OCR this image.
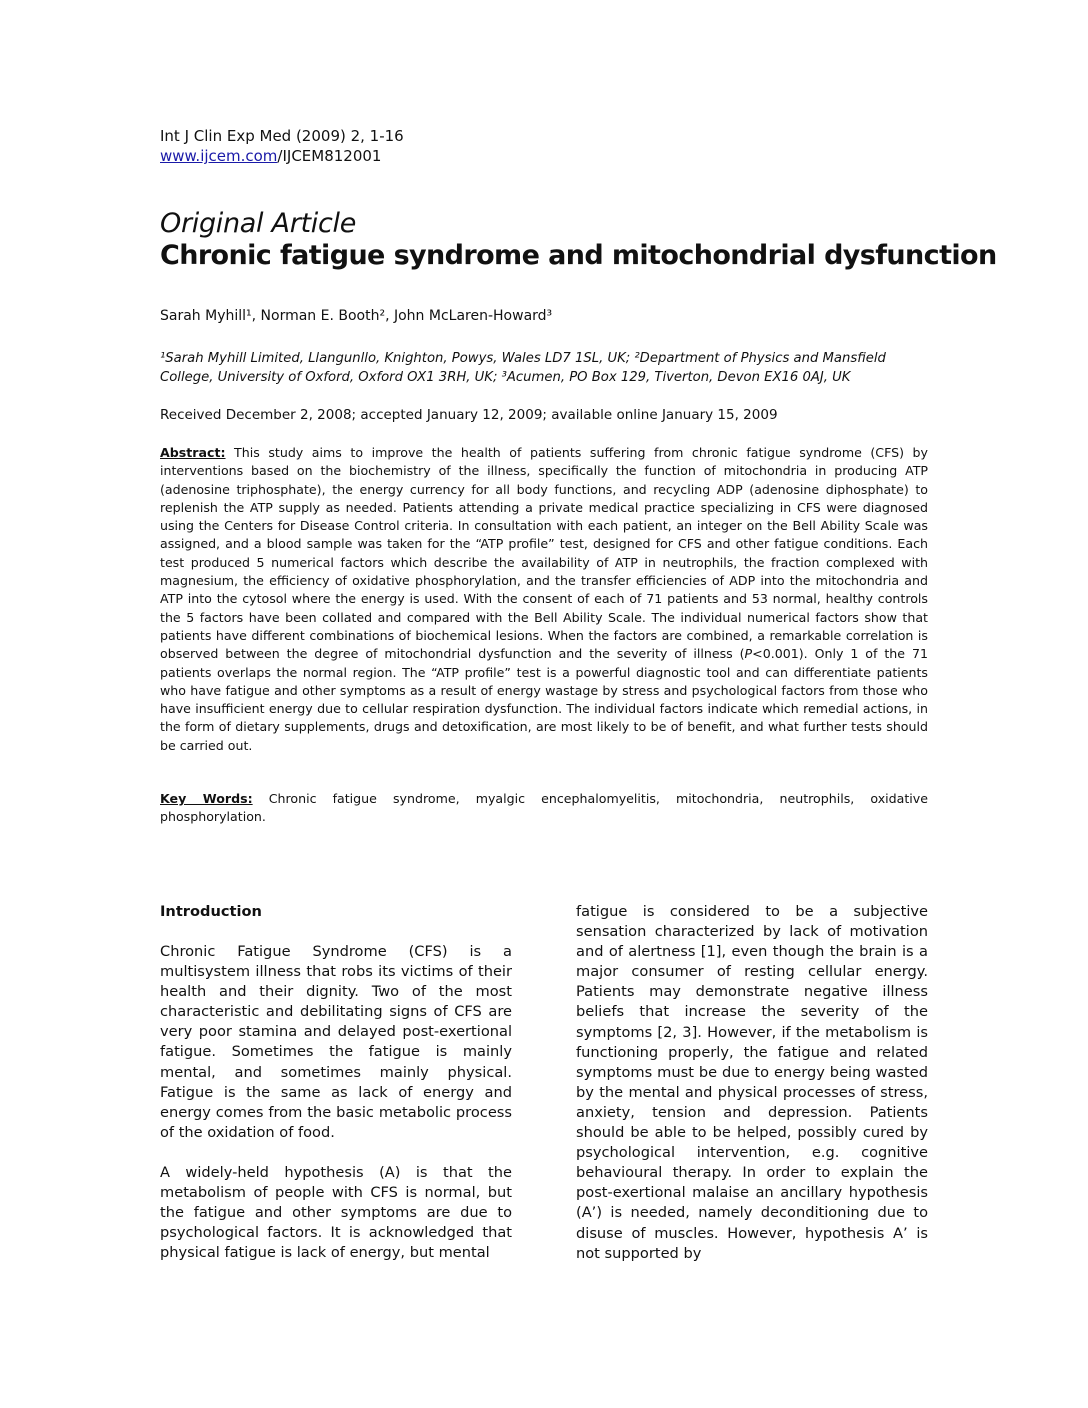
Int J Clin Exp Med (2009) 2, 1-16
www.ijcem.com/IJCEM812001
Original Article
Chronic fatigue syndrome and mitochondrial dysfunction
Sarah Myhill¹, Norman E. Booth², John McLaren-Howard³
¹Sarah Myhill Limited, Llangunllo, Knighton, Powys, Wales LD7 1SL, UK; ²Department of Physics and Mansfield College, University of Oxford, Oxford OX1 3RH, UK; ³Acumen, PO Box 129, Tiverton, Devon EX16 0AJ, UK
Received December 2, 2008; accepted January 12, 2009; available online January 15, 2009

Abstract: This study aims to improve the health of patients suffering from chronic fatigue syndrome (CFS) by interventions based on the biochemistry of the illness, specifically the function of mitochondria in producing ATP (adenosine triphosphate), the energy currency for all body functions, and recycling ADP (adenosine diphosphate) to replenish the ATP supply as needed. Patients attending a private medical practice specializing in CFS were diagnosed using the Centers for Disease Control criteria. In consultation with each patient, an integer on the Bell Ability Scale was assigned, and a blood sample was taken for the “ATP profile” test, designed for CFS and other fatigue conditions. Each test produced 5 numerical factors which describe the availability of ATP in neutrophils, the fraction complexed with magnesium, the efficiency of oxidative phosphorylation, and the transfer efficiencies of ADP into the mitochondria and ATP into the cytosol where the energy is used. With the consent of each of 71 patients and 53 normal, healthy controls the 5 factors have been collated and compared with the Bell Ability Scale. The individual numerical factors show that patients have different combinations of biochemical lesions. When the factors are combined, a remarkable correlation is observed between the degree of mitochondrial dysfunction and the severity of illness (P<0.001). Only 1 of the 71 patients overlaps the normal region. The “ATP profile” test is a powerful diagnostic tool and can differentiate patients who have fatigue and other symptoms as a result of energy wastage by stress and psychological factors from those who have insufficient energy due to cellular respiration dysfunction. The individual factors indicate which remedial actions, in the form of dietary supplements, drugs and detoxification, are most likely to be of benefit, and what further tests should be carried out.

Key Words: Chronic fatigue syndrome, myalgic encephalomyelitis, mitochondria, neutrophils, oxidative phosphorylation.

Introduction

Chronic Fatigue Syndrome (CFS) is a multisystem illness that robs its victims of their health and their dignity. Two of the most characteristic and debilitating signs of CFS are very poor stamina and delayed post-exertional fatigue. Sometimes the fatigue is mainly mental, and sometimes mainly physical. Fatigue is the same as lack of energy and energy comes from the basic metabolic process of the oxidation of food.

A widely-held hypothesis (A) is that the metabolism of people with CFS is normal, but the fatigue and other symptoms are due to psychological factors. It is acknowledged that physical fatigue is lack of energy, but mental

fatigue is considered to be a subjective sensation characterized by lack of motivation and of alertness [1], even though the brain is a major consumer of resting cellular energy. Patients may demonstrate negative illness beliefs that increase the severity of the symptoms [2, 3]. However, if the metabolism is functioning properly, the fatigue and related symptoms must be due to energy being wasted by the mental and physical processes of stress, anxiety, tension and depression. Patients should be able to be helped, possibly cured by psychological intervention, e.g. cognitive behavioural therapy. In order to explain the post-exertional malaise an ancillary hypothesis (A’) is needed, namely deconditioning due to disuse of muscles. However, hypothesis A’ is not supported by
